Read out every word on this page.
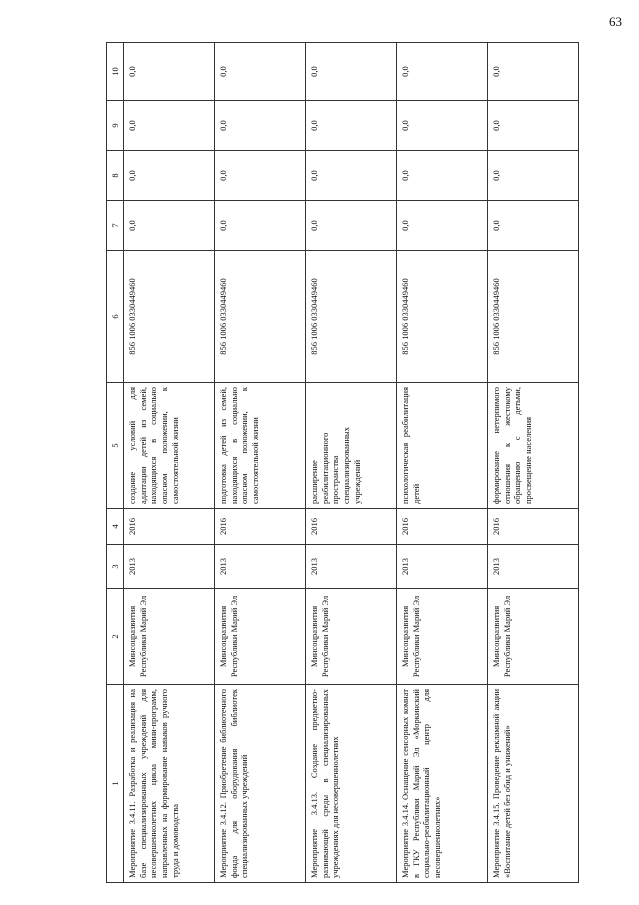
63
1	2	3	4	5	6	7	8	9	10
Мероприятие 3.4.11. Разработка и реализация на базе специализированных учреждений для несовершеннолетних цикла мини-программ, направленных на формирование навыков ручного труда и домоводства	Минсоцразвития Республики Марий Эл	2013	2016	создание условий для адаптации детей из семей, находящихся в социально опасном положении, к самостоятельной жизни	856 1006 0330449460	0,0	0,0	0,0	0,0
Мероприятие 3.4.12. Приобретение библиотечного фонда для оборудования библиотек специализированных учреждений	Минсоцразвития Республики Марий Эл	2013	2016	подготовка детей из семей, находящихся в социально опасном положении, к самостоятельной жизни	856 1006 0330449460	0,0	0,0	0,0	0,0
Мероприятие 3.4.13. Создание предметно-развивающей среды в специализированных учреждениях для несовершеннолетних	Минсоцразвития Республики Марий Эл	2013	2016	расширение реабилитационного пространства специализированных учреждений	856 1006 0330449460	0,0	0,0	0,0	0,0
Мероприятие 3.4.14. Оснащение сенсорных комнат в ГКУ Республики Марий Эл «Моркинский социально-реабилитационный центр для несовершеннолетних»	Минсоцразвития Республики Марий Эл	2013	2016	психологическая реабилитация детей	856 1006 0330449460	0,0	0,0	0,0	0,0
Мероприятие 3.4.15. Проведение рекламной акции «Воспитание детей без обид и унижений»	Минсоцразвития Республики Марий Эл	2013	2016	формирование нетерпимого отношения к жестокому обращению с детьми, просвещение населения	856 1006 0330449460	0,0	0,0	0,0	0,0
